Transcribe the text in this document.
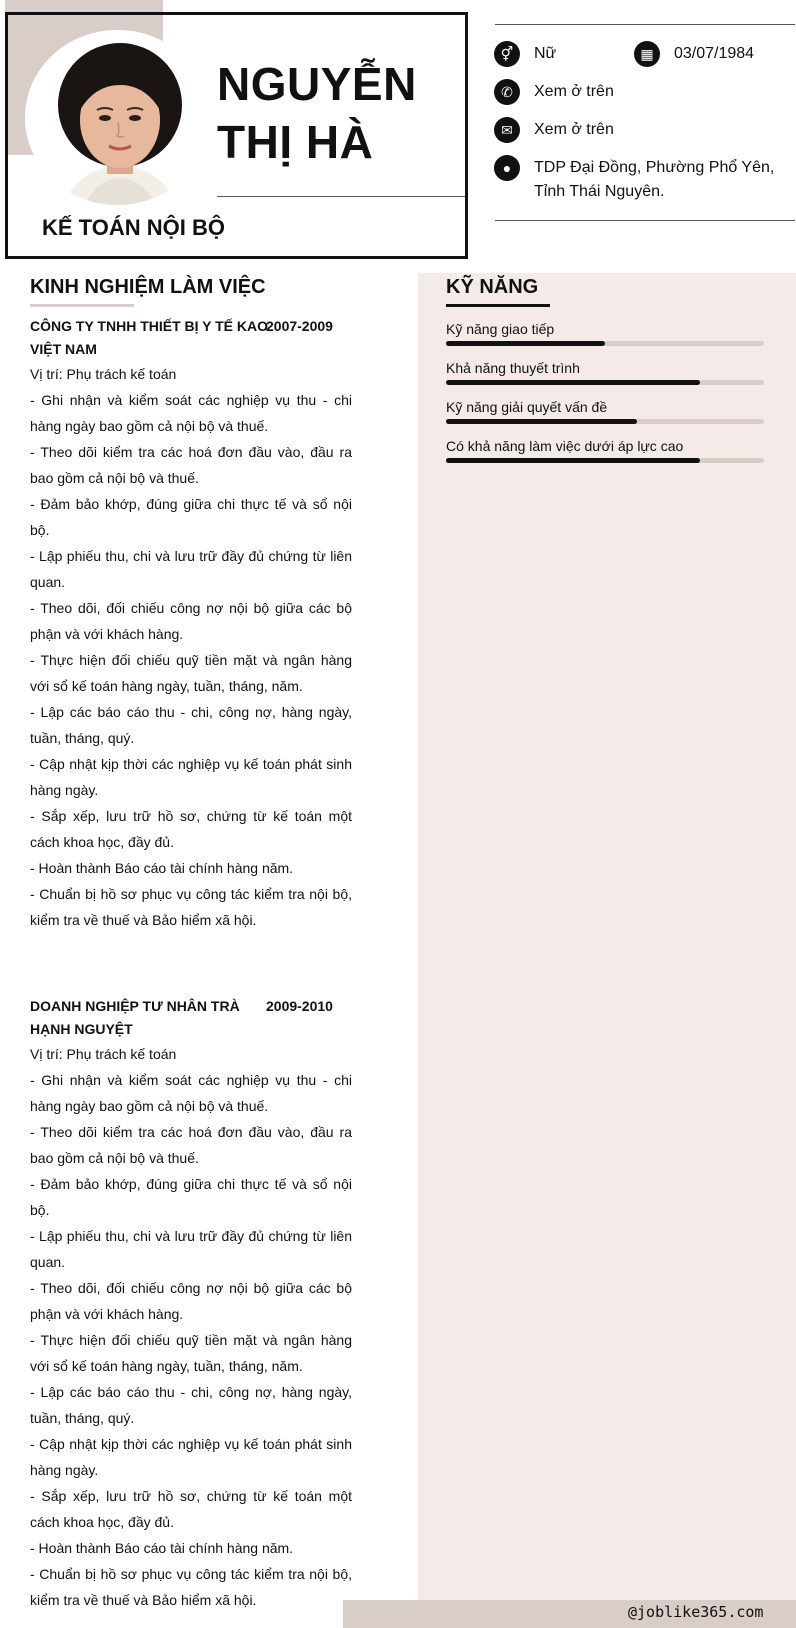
NGUYỄN
THỊ HÀ
KẾ TOÁN NỘI BỘ
⚥	Nữ	▦	03/07/1984
✆	Xem ở trên
✉	Xem ở trên
●	TDP Đại Đồng, Phường Phổ Yên, Tỉnh Thái Nguyên.
KINH NGHIỆM LÀM VIỆC
CÔNG TY TNHH THIẾT BỊ Y TẾ KAO VIỆT NAM
2007-2009

Vị trí: Phụ trách kế toán

- Ghi nhận và kiểm soát các nghiệp vụ thu - chi hàng ngày bao gồm cả nội bộ và thuế.

- Theo dõi kiểm tra các hoá đơn đầu vào, đầu ra bao gồm cả nội bộ và thuế.

- Đảm bảo khớp, đúng giữa chi thực tế và sổ nội bộ.

- Lập phiếu thu, chi và lưu trữ đầy đủ chứng từ liên quan.

- Theo dõi, đối chiếu công nợ nội bộ giữa các bộ phận và với khách hàng.

- Thực hiện đối chiếu quỹ tiền mặt và ngân hàng với sổ kế toán hàng ngày, tuần, tháng, năm.

- Lập các báo cáo thu - chi, công nợ, hàng ngày, tuần, tháng, quý.

- Cập nhật kịp thời các nghiệp vụ kế toán phát sinh hàng ngày.

- Sắp xếp, lưu trữ hồ sơ, chứng từ kế toán một cách khoa học, đầy đủ.

- Hoàn thành Báo cáo tài chính hàng năm.

- Chuẩn bị hồ sơ phục vụ công tác kiểm tra nội bộ, kiểm tra về thuế và Bảo hiểm xã hội.

DOANH NGHIỆP TƯ NHÂN TRÀ HẠNH NGUYỆT
2009-2010

Vị trí: Phụ trách kế toán

- Ghi nhận và kiểm soát các nghiệp vụ thu - chi hàng ngày bao gồm cả nội bộ và thuế.

- Theo dõi kiểm tra các hoá đơn đầu vào, đầu ra bao gồm cả nội bộ và thuế.

- Đảm bảo khớp, đúng giữa chi thực tế và sổ nội bộ.

- Lập phiếu thu, chi và lưu trữ đầy đủ chứng từ liên quan.

- Theo dõi, đối chiếu công nợ nội bộ giữa các bộ phận và với khách hàng.

- Thực hiện đối chiếu quỹ tiền mặt và ngân hàng với sổ kế toán hàng ngày, tuần, tháng, năm.

- Lập các báo cáo thu - chi, công nợ, hàng ngày, tuần, tháng, quý.

- Cập nhật kịp thời các nghiệp vụ kế toán phát sinh hàng ngày.

- Sắp xếp, lưu trữ hồ sơ, chứng từ kế toán một cách khoa học, đầy đủ.

- Hoàn thành Báo cáo tài chính hàng năm.

- Chuẩn bị hồ sơ phục vụ công tác kiểm tra nội bộ, kiểm tra về thuế và Bảo hiểm xã hội.

KỸ NĂNG
Kỹ năng giao tiếp
Khả năng thuyết trình
Kỹ năng giải quyết vấn đề
Có khả năng làm việc dưới áp lực cao
@joblike365.com
